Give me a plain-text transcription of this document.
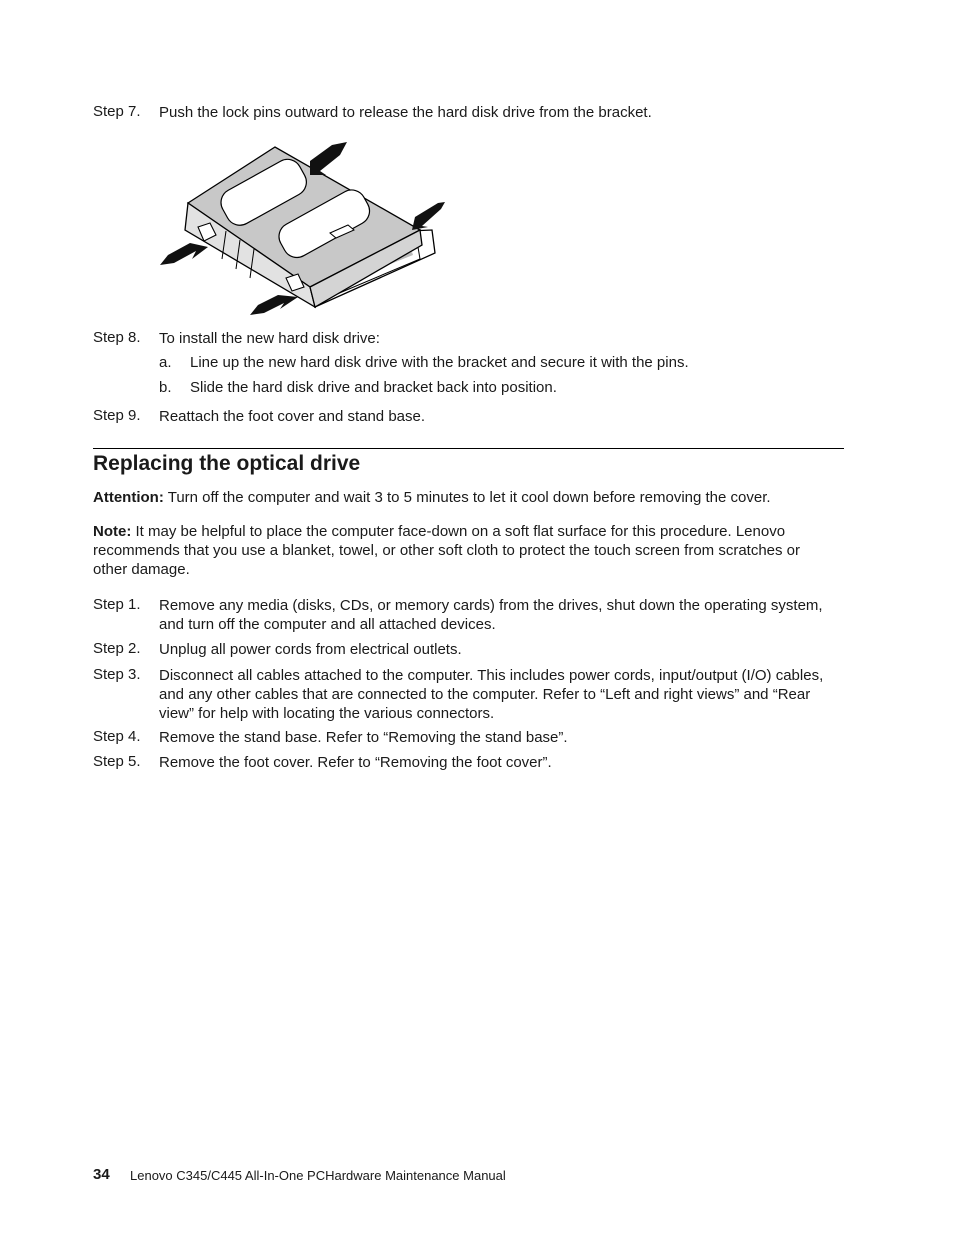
Step 7. Push the lock pins outward to release the hard disk drive from the bracket.
Step 8. To install the new hard disk drive:
a. Line up the new hard disk drive with the bracket and secure it with the pins.
b. Slide the hard disk drive and bracket back into position.
Step 9. Reattach the foot cover and stand base.
Replacing the optical drive
Attention: Turn off the computer and wait 3 to 5 minutes to let it cool down before removing the cover.
Note: It may be helpful to place the computer face-down on a soft flat surface for this procedure. Lenovo recommends that you use a blanket, towel, or other soft cloth to protect the touch screen from scratches or other damage.
Step 1. Remove any media (disks, CDs, or memory cards) from the drives, shut down the operating system, and turn off the computer and all attached devices.
Step 2. Unplug all power cords from electrical outlets.
Step 3. Disconnect all cables attached to the computer. This includes power cords, input/output (I/O) cables, and any other cables that are connected to the computer. Refer to “Left and right views” and “Rear view” for help with locating the various connectors.
Step 4. Remove the stand base. Refer to “Removing the stand base”.
Step 5. Remove the foot cover. Refer to “Removing the foot cover”.
34 Lenovo C345/C445 All-In-One PCHardware Maintenance Manual
